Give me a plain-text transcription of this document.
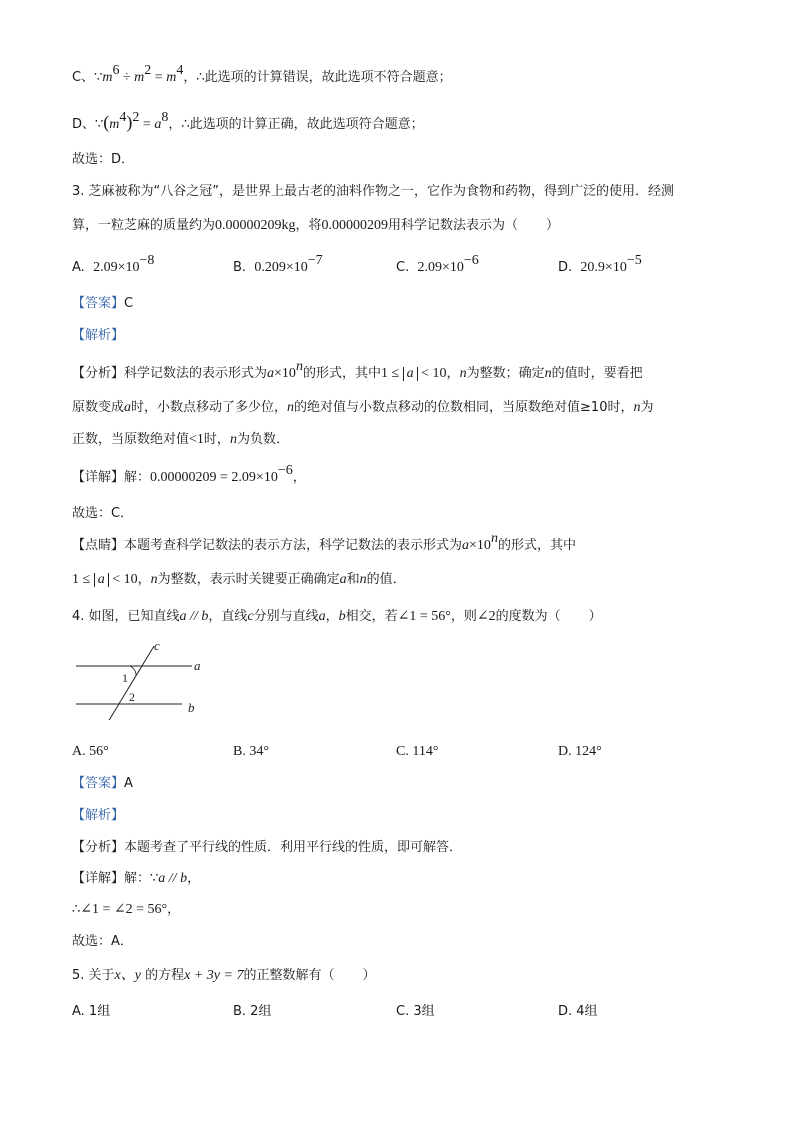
C、$\because m^6 \div m^2 = m^4$，∴此选项的计算错误，故此选项不符合题意；
D、$\because(m^4)^2 = a^8$，∴此选项的计算正确，故此选项符合题意；
故选：D．
3. 芝麻被称为“八谷之冠”，是世界上最古老的油料作物之一，它作为食物和药物，得到广泛的使用．经测
算，一粒芝麻的质量约为0.00000209kg，将0.00000209用科学记数法表示为（ ）
A. $2.09\times 10^{-8}$	B. $0.209\times 10^{-7}$	C. $2.09\times 10^{-6}$	D. $20.9\times 10^{-5}$
【答案】C
【解析】
【分析】科学记数法的表示形式为$a\times 10^n$的形式，其中1 ≤ a < 10，n为整数；确定n的值时，要看把
原数变成a时，小数点移动了多少位，n的绝对值与小数点移动的位数相同，当原数绝对值≥10时，n为
正数，当原数绝对值<1时，n为负数．
【详解】解：$0.00000209 = 2.09\times 10^{-6}$，
故选：C．
【点睛】本题考查科学记数法的表示方法，科学记数法的表示形式为$a\times 10^n$的形式，其中
1 ≤ a < 10，n为整数，表示时关键要正确确定a和n的值．
4. 如图，已知直线a // b，直线c分别与直线a，b相交，若∠1 = 56°，则∠2的度数为（ ）
c
a
b
1
2
A. 56°	B. 34°	C. 114°	D. 124°
【答案】A
【解析】
【分析】本题考查了平行线的性质．利用平行线的性质，即可解答．
【详解】解：∵a // b，
∴∠1 = ∠2 = 56°，
故选：A．
5. 关于x、y 的方程x + 3y = 7的正整数解有（ ）
A. 1组	B. 2组	C. 3组	D. 4组
